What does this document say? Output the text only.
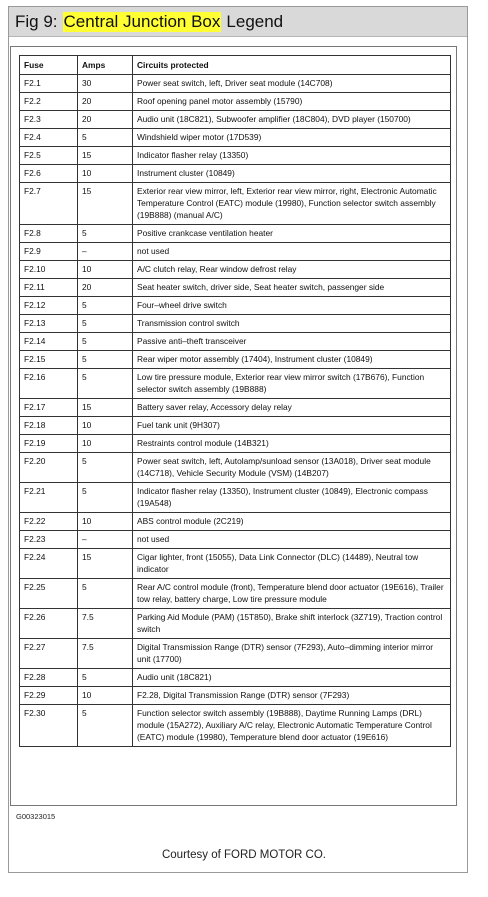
Fig 9: Central Junction Box Legend
Fuse	Amps	Circuits protected
F2.1	30	Power seat switch, left, Driver seat module (14C708)
F2.2	20	Roof opening panel motor assembly (15790)
F2.3	20	Audio unit (18C821), Subwoofer amplifier (18C804), DVD player (150700)
F2.4	5	Windshield wiper motor (17D539)
F2.5	15	Indicator flasher relay (13350)
F2.6	10	Instrument cluster (10849)
F2.7	15	Exterior rear view mirror, left, Exterior rear view mirror, right, Electronic Automatic Temperature Control (EATC) module (19980), Function selector switch assembly (19B888) (manual A/C)
F2.8	5	Positive crankcase ventilation heater
F2.9	–	not used
F2.10	10	A/C clutch relay, Rear window defrost relay
F2.11	20	Seat heater switch, driver side, Seat heater switch, passenger side
F2.12	5	Four–wheel drive switch
F2.13	5	Transmission control switch
F2.14	5	Passive anti–theft transceiver
F2.15	5	Rear wiper motor assembly (17404), Instrument cluster (10849)
F2.16	5	Low tire pressure module, Exterior rear view mirror switch (17B676), Function selector switch assembly (19B888)
F2.17	15	Battery saver relay, Accessory delay relay
F2.18	10	Fuel tank unit (9H307)
F2.19	10	Restraints control module (14B321)
F2.20	5	Power seat switch, left, Autolamp/sunload sensor (13A018), Driver seat module (14C718), Vehicle Security Module (VSM) (14B207)
F2.21	5	Indicator flasher relay (13350), Instrument cluster (10849), Electronic compass (19A548)
F2.22	10	ABS control module (2C219)
F2.23	–	not used
F2.24	15	Cigar lighter, front (15055), Data Link Connector (DLC) (14489), Neutral tow indicator
F2.25	5	Rear A/C control module (front), Temperature blend door actuator (19E616), Trailer tow relay, battery charge, Low tire pressure module
F2.26	7.5	Parking Aid Module (PAM) (15T850), Brake shift interlock (3Z719), Traction control switch
F2.27	7.5	Digital Transmission Range (DTR) sensor (7F293), Auto–dimming interior mirror unit (17700)
F2.28	5	Audio unit (18C821)
F2.29	10	F2.28, Digital Transmission Range (DTR) sensor (7F293)
F2.30	5	Function selector switch assembly (19B888), Daytime Running Lamps (DRL) module (15A272), Auxiliary A/C relay, Electronic Automatic Temperature Control (EATC) module (19980), Temperature blend door actuator (19E616)
G00323015
Courtesy of FORD MOTOR CO.
